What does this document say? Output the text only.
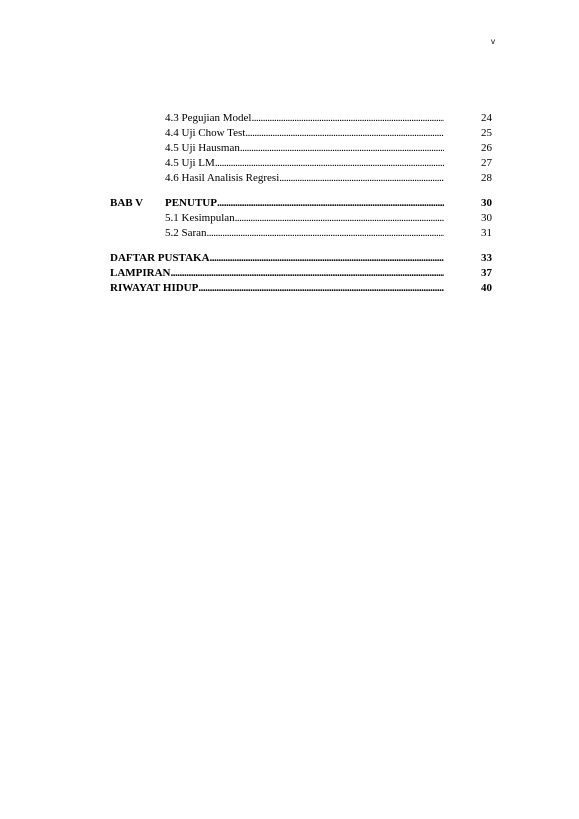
v
4.3 Pegujian Model .....	24
4.4 Uji Chow Test .....	25
4.5 Uji Hausman .....	26
4.5 Uji LM .....	27
4.6 Hasil Analisis Regresi .....	28
BAB V	PENUTUP .....	30
5.1 Kesimpulan .....	30
5.2 Saran .....	31
DAFTAR PUSTAKA .....	33
LAMPIRAN .....	37
RIWAYAT HIDUP .....	40
